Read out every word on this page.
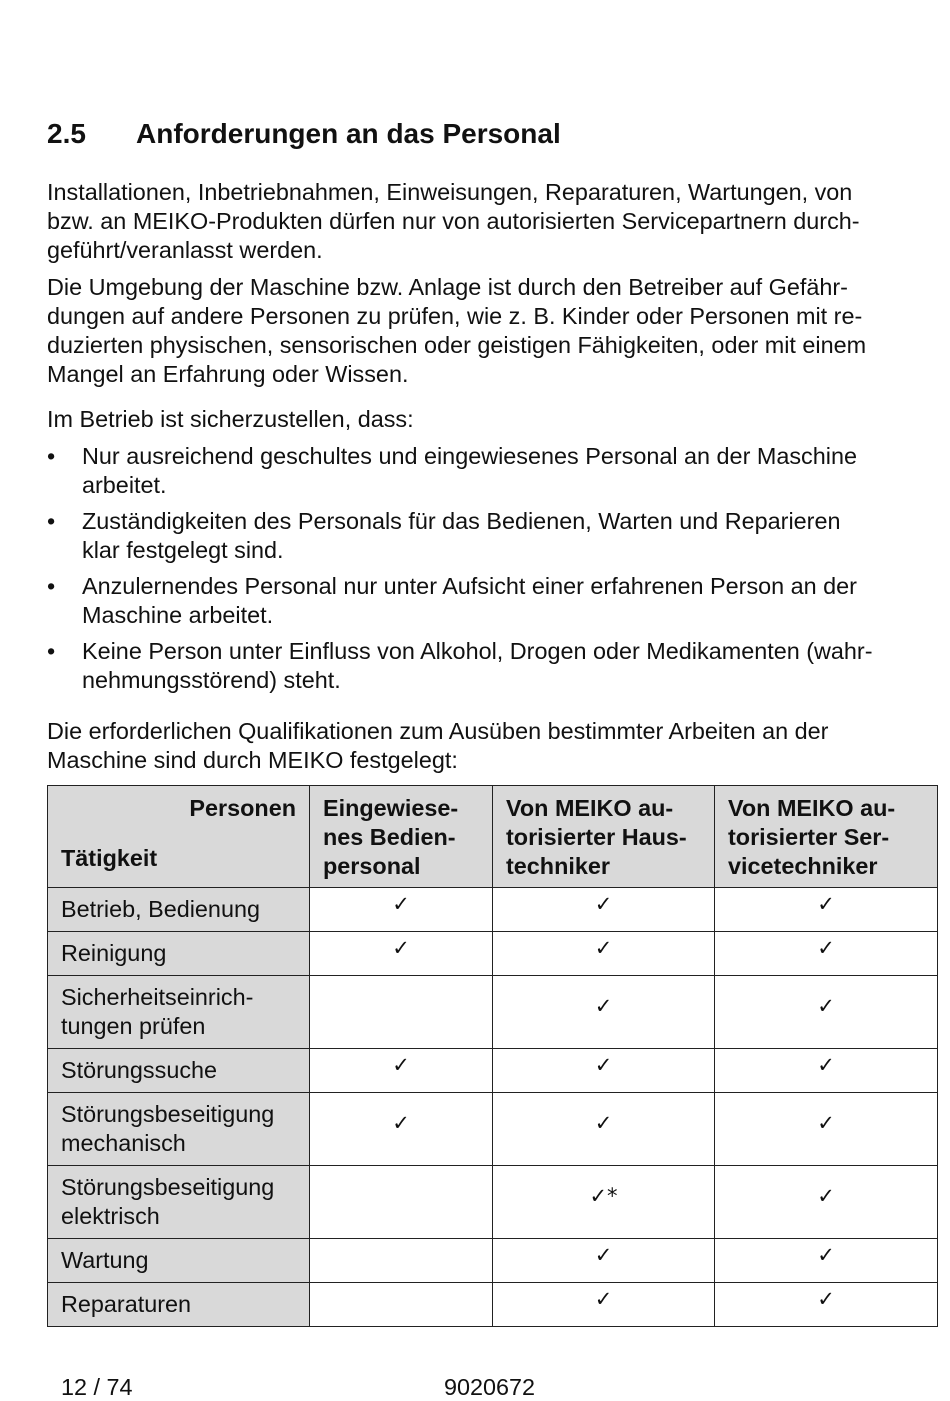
2.5 Anforderungen an das Personal
Installationen, Inbetriebnahmen, Einweisungen, Reparaturen, Wartungen, von
bzw. an MEIKO-Produkten dürfen nur von autorisierten Servicepartnern durch-
geführt/veranlasst werden.
Die Umgebung der Maschine bzw. Anlage ist durch den Betreiber auf Gefähr-
dungen auf andere Personen zu prüfen, wie z. B. Kinder oder Personen mit re-
duzierten physischen, sensorischen oder geistigen Fähigkeiten, oder mit einem
Mangel an Erfahrung oder Wissen.
Im Betrieb ist sicherzustellen, dass:
• Nur ausreichend geschultes und eingewiesenes Personal an der Maschine
arbeitet.
• Zuständigkeiten des Personals für das Bedienen, Warten und Reparieren
klar festgelegt sind.
• Anzulernendes Personal nur unter Aufsicht einer erfahrenen Person an der
Maschine arbeitet.
• Keine Person unter Einfluss von Alkohol, Drogen oder Medikamenten (wahr-
nehmungsstörend) steht.
Die erforderlichen Qualifikationen zum Ausüben bestimmter Arbeiten an der
Maschine sind durch MEIKO festgelegt:
Personen
Tätigkeit	Eingewiese-
nes Bedien-
personal	Von MEIKO au-
torisierter Haus-
techniker	Von MEIKO au-
torisierter Ser-
vicetechniker

Betrieb, Bedienung	✓	✓	✓

Reinigung	✓	✓	✓

Sicherheitseinrich-
tungen prüfen		✓	✓

Störungssuche	✓	✓	✓

Störungsbeseitigung
mechanisch	✓	✓	✓

Störungsbeseitigung
elektrisch		✓*	✓

Wartung		✓	✓

Reparaturen		✓	✓
12 / 74	9020672
